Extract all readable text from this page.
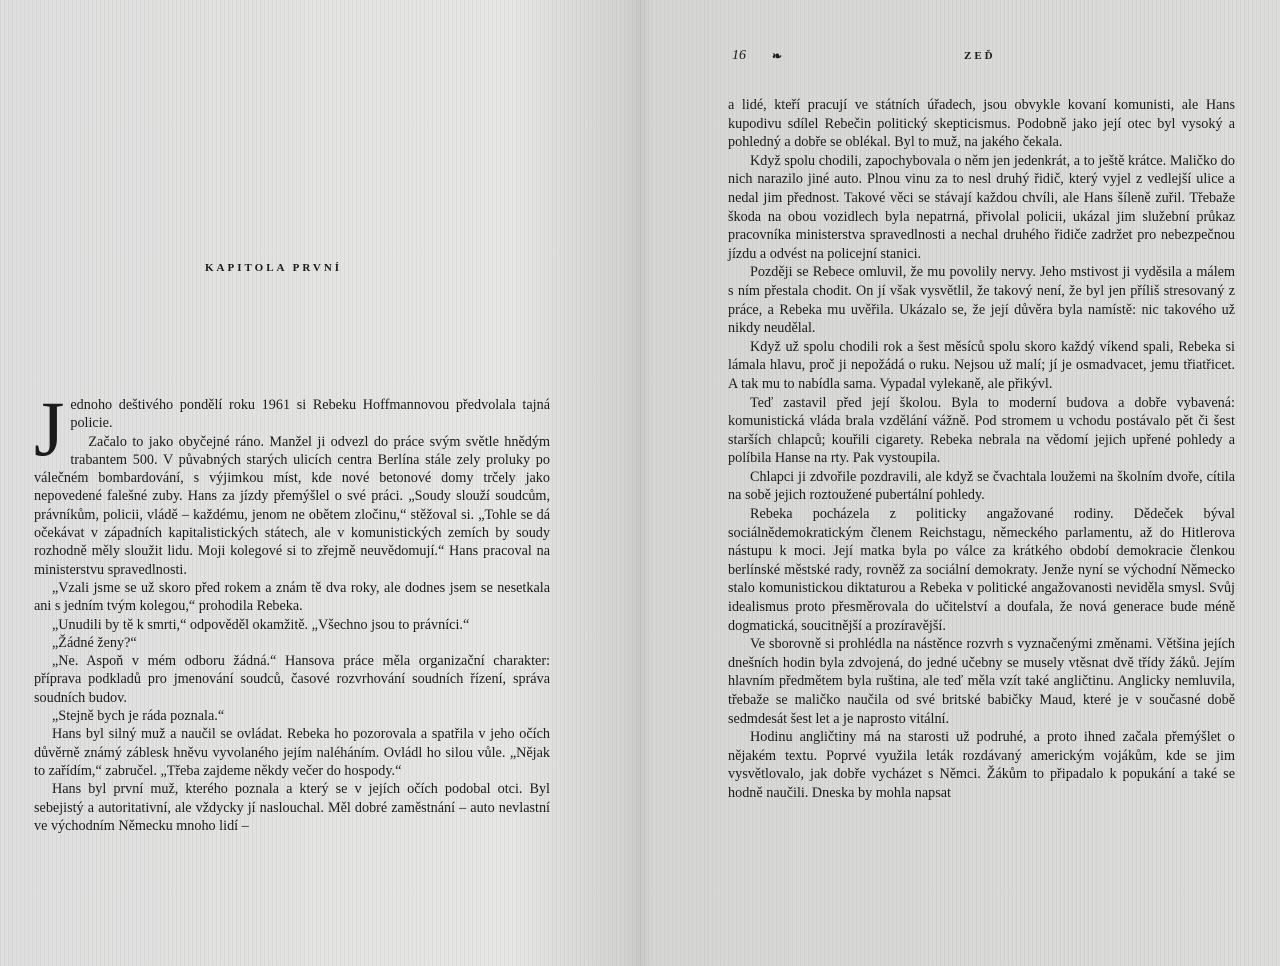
KAPITOLA PRVNÍ

Jednoho deštivého pondělí roku 1961 si Rebeku Hoffmannovou předvolala tajná policie.

Začalo to jako obyčejné ráno. Manžel ji odvezl do práce svým světle hnědým trabantem 500. V půvabných starých ulicích centra Berlína stále zely proluky po válečném bombardování, s výjimkou míst, kde nové betonové domy trčely jako nepovedené falešné zuby. Hans za jízdy přemýšlel o své práci. „Soudy slouží soudcům, právníkům, policii, vládě – každému, jenom ne obětem zločinu,“ stěžoval si. „Tohle se dá očekávat v západních kapitalistických státech, ale v komunistických zemích by soudy rozhodně měly sloužit lidu. Moji kolegové si to zřejmě neuvědomují.“ Hans pracoval na ministerstvu spravedlnosti.

„Vzali jsme se už skoro před rokem a znám tě dva roky, ale dodnes jsem se nesetkala ani s jedním tvým kolegou,“ prohodila Rebeka.

„Unudili by tě k smrti,“ odpověděl okamžitě. „Všechno jsou to právníci.“

„Žádné ženy?“

„Ne. Aspoň v mém odboru žádná.“ Hansova práce měla organizační charakter: příprava podkladů pro jmenování soudců, časové rozvrhování soudních řízení, správa soudních budov.

„Stejně bych je ráda poznala.“

Hans byl silný muž a naučil se ovládat. Rebeka ho pozorovala a spatřila v jeho očích důvěrně známý záblesk hněvu vyvolaného jejím naléháním. Ovládl ho silou vůle. „Nějak to zařídím,“ zabručel. „Třeba zajdeme někdy večer do hospody.“

Hans byl první muž, kterého poznala a který se v jejích očích podobal otci. Byl sebejistý a autoritativní, ale vždycky jí naslouchal. Měl dobré zaměstnání – auto nevlastní ve východním Německu mnoho lidí –

16 ❧	ZEĎ

a lidé, kteří pracují ve státních úřadech, jsou obvykle kovaní komunisti, ale Hans kupodivu sdílel Rebečin politický skepticismus. Podobně jako její otec byl vysoký a pohledný a dobře se oblékal. Byl to muž, na jakého čekala.

Když spolu chodili, zapochybovala o něm jen jedenkrát, a to ještě krátce. Maličko do nich narazilo jiné auto. Plnou vinu za to nesl druhý řidič, který vyjel z vedlejší ulice a nedal jim přednost. Takové věci se stávají každou chvíli, ale Hans šíleně zuřil. Třebaže škoda na obou vozidlech byla nepatrná, přivolal policii, ukázal jim služební průkaz pracovníka ministerstva spravedlnosti a nechal druhého řidiče zadržet pro nebezpečnou jízdu a odvést na policejní stanici.

Později se Rebece omluvil, že mu povolily nervy. Jeho mstivost ji vyděsila a málem s ním přestala chodit. On jí však vysvětlil, že takový není, že byl jen příliš stresovaný z práce, a Rebeka mu uvěřila. Ukázalo se, že její důvěra byla namístě: nic takového už nikdy neudělal.

Když už spolu chodili rok a šest měsíců spolu skoro každý víkend spali, Rebeka si lámala hlavu, proč ji nepožádá o ruku. Nejsou už malí; jí je osmadvacet, jemu třiatřicet. A tak mu to nabídla sama. Vypadal vylekaně, ale přikývl.

Teď zastavil před její školou. Byla to moderní budova a dobře vybavená: komunistická vláda brala vzdělání vážně. Pod stromem u vchodu postávalo pět či šest starších chlapců; kouřili cigarety. Rebeka nebrala na vědomí jejich upřené pohledy a políbila Hanse na rty. Pak vystoupila.

Chlapci ji zdvořile pozdravili, ale když se čvachtala loužemi na školním dvoře, cítila na sobě jejich roztoužené pubertální pohledy.

Rebeka pocházela z politicky angažované rodiny. Dědeček býval sociálnědemokratickým členem Reichstagu, německého parlamentu, až do Hitlerova nástupu k moci. Její matka byla po válce za krátkého období demokracie členkou berlínské městské rady, rovněž za sociální demokraty. Jenže nyní se východní Německo stalo komunistickou diktaturou a Rebeka v politické angažovanosti neviděla smysl. Svůj idealismus proto přesměrovala do učitelství a doufala, že nová generace bude méně dogmatická, soucitnější a prozíravější.

Ve sborovně si prohlédla na nástěnce rozvrh s vyznačenými změnami. Většina jejích dnešních hodin byla zdvojená, do jedné učebny se musely vtěsnat dvě třídy žáků. Jejím hlavním předmětem byla ruština, ale teď měla vzít také angličtinu. Anglicky nemluvila, třebaže se maličko naučila od své britské babičky Maud, které je v současné době sedmdesát šest let a je naprosto vitální.

Hodinu angličtiny má na starosti už podruhé, a proto ihned začala přemýšlet o nějakém textu. Poprvé využila leták rozdávaný americkým vojákům, kde se jim vysvětlovalo, jak dobře vycházet s Němci. Žákům to připadalo k popukání a také se hodně naučili. Dneska by mohla napsat
